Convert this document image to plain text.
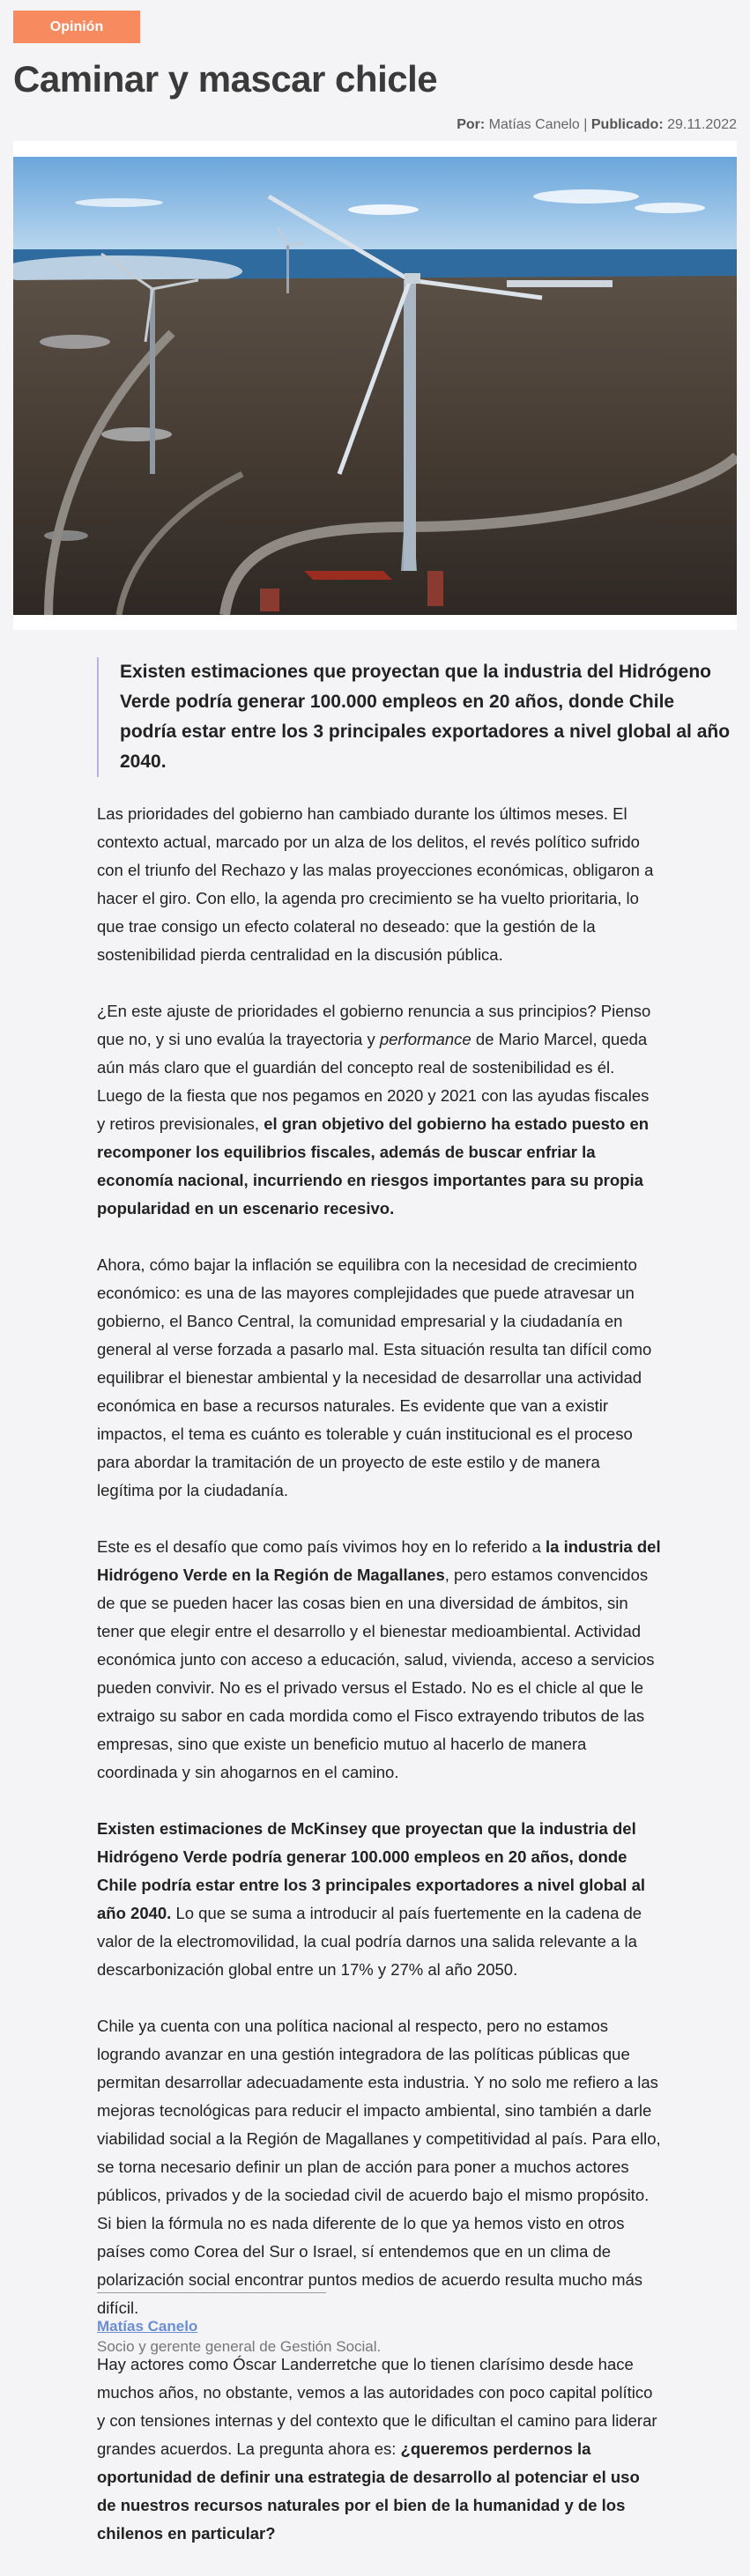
Opinión
Caminar y mascar chicle
Por: Matías Canelo | Publicado: 29.11.2022
Existen estimaciones que proyectan que la industria del Hidrógeno Verde podría generar 100.000 empleos en 20 años, donde Chile podría estar entre los 3 principales exportadores a nivel global al año 2040.

Las prioridades del gobierno han cambiado durante los últimos meses. El contexto actual, marcado por un alza de los delitos, el revés político sufrido con el triunfo del Rechazo y las malas proyecciones económicas, obligaron a hacer el giro. Con ello, la agenda pro crecimiento se ha vuelto prioritaria, lo que trae consigo un efecto colateral no deseado: que la gestión de la sostenibilidad pierda centralidad en la discusión pública.

¿En este ajuste de prioridades el gobierno renuncia a sus principios? Pienso que no, y si uno evalúa la trayectoria y performance de Mario Marcel, queda aún más claro que el guardián del concepto real de sostenibilidad es él. Luego de la fiesta que nos pegamos en 2020 y 2021 con las ayudas fiscales y retiros previsionales, el gran objetivo del gobierno ha estado puesto en recomponer los equilibrios fiscales, además de buscar enfriar la economía nacional, incurriendo en riesgos importantes para su propia popularidad en un escenario recesivo.

Ahora, cómo bajar la inflación se equilibra con la necesidad de crecimiento económico: es una de las mayores complejidades que puede atravesar un gobierno, el Banco Central, la comunidad empresarial y la ciudadanía en general al verse forzada a pasarlo mal. Esta situación resulta tan difícil como equilibrar el bienestar ambiental y la necesidad de desarrollar una actividad económica en base a recursos naturales. Es evidente que van a existir impactos, el tema es cuánto es tolerable y cuán institucional es el proceso para abordar la tramitación de un proyecto de este estilo y de manera legítima por la ciudadanía.

Este es el desafío que como país vivimos hoy en lo referido a la industria del Hidrógeno Verde en la Región de Magallanes, pero estamos convencidos de que se pueden hacer las cosas bien en una diversidad de ámbitos, sin tener que elegir entre el desarrollo y el bienestar medioambiental. Actividad económica junto con acceso a educación, salud, vivienda, acceso a servicios pueden convivir. No es el privado versus el Estado. No es el chicle al que le extraigo su sabor en cada mordida como el Fisco extrayendo tributos de las empresas, sino que existe un beneficio mutuo al hacerlo de manera coordinada y sin ahogarnos en el camino.

Existen estimaciones de McKinsey que proyectan que la industria del Hidrógeno Verde podría generar 100.000 empleos en 20 años, donde Chile podría estar entre los 3 principales exportadores a nivel global al año 2040. Lo que se suma a introducir al país fuertemente en la cadena de valor de la electromovilidad, la cual podría darnos una salida relevante a la descarbonización global entre un 17% y 27% al año 2050.

Chile ya cuenta con una política nacional al respecto, pero no estamos logrando avanzar en una gestión integradora de las políticas públicas que permitan desarrollar adecuadamente esta industria. Y no solo me refiero a las mejoras tecnológicas para reducir el impacto ambiental, sino también a darle viabilidad social a la Región de Magallanes y competitividad al país. Para ello, se torna necesario definir un plan de acción para poner a muchos actores públicos, privados y de la sociedad civil de acuerdo bajo el mismo propósito. Si bien la fórmula no es nada diferente de lo que ya hemos visto en otros países como Corea del Sur o Israel, sí entendemos que en un clima de polarización social encontrar puntos medios de acuerdo resulta mucho más difícil.

Hay actores como Óscar Landerretche que lo tienen clarísimo desde hace muchos años, no obstante, vemos a las autoridades con poco capital político y con tensiones internas y del contexto que le dificultan el camino para liderar grandes acuerdos. La pregunta ahora es: ¿queremos perdernos la oportunidad de definir una estrategia de desarrollo al potenciar el uso de nuestros recursos naturales por el bien de la humanidad y de los chilenos en particular?

Matías Canelo
Socio y gerente general de Gestión Social.
